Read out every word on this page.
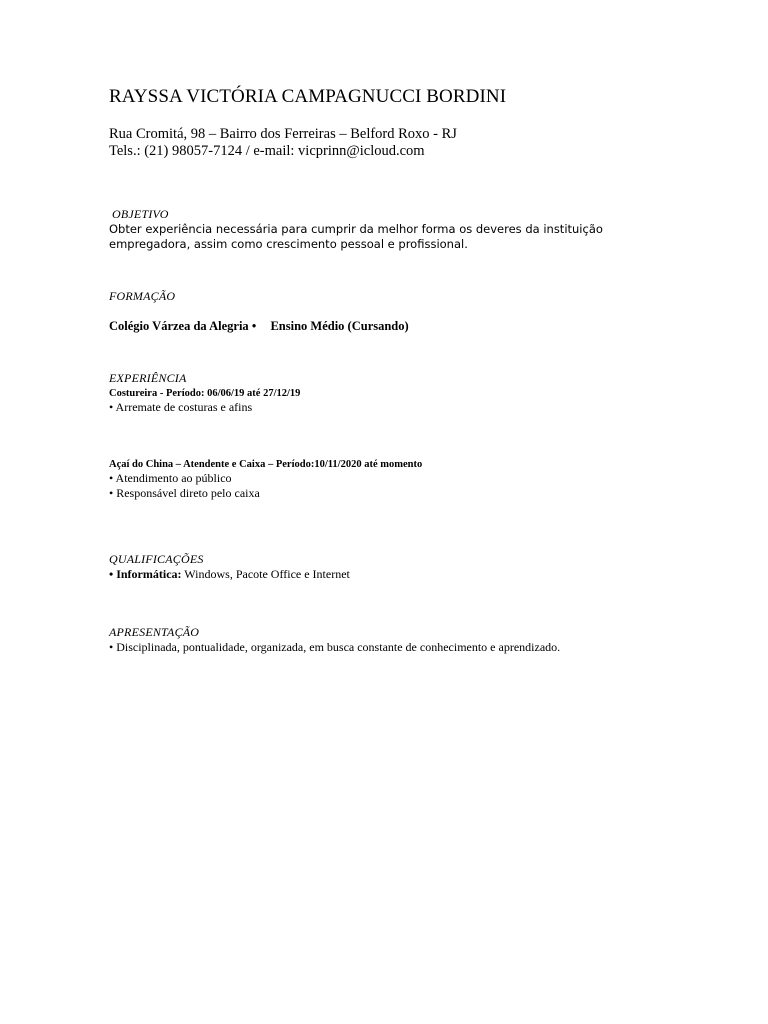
RAYSSA VICTÓRIA CAMPAGNUCCI BORDINI
Rua Cromitá, 98 – Bairro dos Ferreiras – Belford Roxo - RJ
Tels.: (21) 98057-7124 / e-mail: vicprinn@icloud.com
OBJETIVO
Obter experiência necessária para cumprir da melhor forma os deveres da instituição
empregadora, assim como crescimento pessoal e profissional.
FORMAÇÃO
Colégio Várzea da Alegria • Ensino Médio (Cursando)
EXPERIÊNCIA
Costureira - Período: 06/06/19 até 27/12/19
• Arremate de costuras e afins
Açaí do China – Atendente e Caixa – Período:10/11/2020 até momento
• Atendimento ao público
• Responsável direto pelo caixa
QUALIFICAÇÕES
• Informática: Windows, Pacote Office e Internet
APRESENTAÇÃO
• Disciplinada, pontualidade, organizada, em busca constante de conhecimento e aprendizado.
